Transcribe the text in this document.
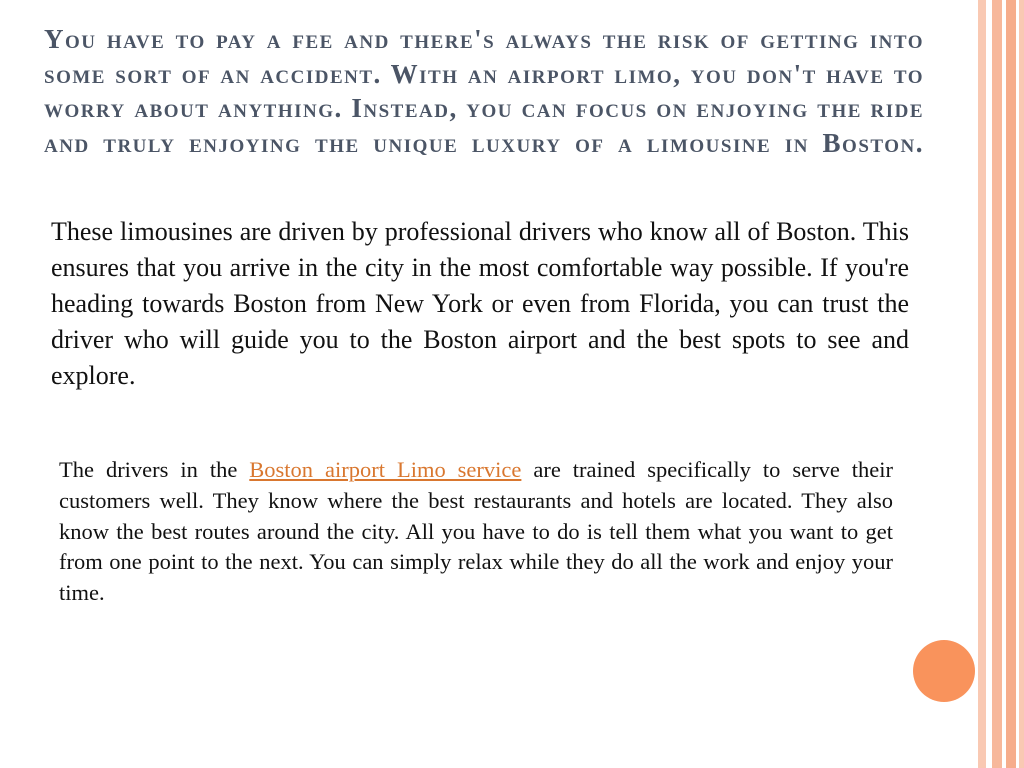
You have to pay a fee and there's always the risk of getting into some sort of an accident. With an airport limo, you don't have to worry about anything. Instead, you can focus on enjoying the ride and truly enjoying the unique luxury of a limousine in Boston.

These limousines are driven by professional drivers who know all of Boston. This ensures that you arrive in the city in the most comfortable way possible. If you're heading towards Boston from New York or even from Florida, you can trust the driver who will guide you to the Boston airport and the best spots to see and explore.

The drivers in the Boston airport Limo service are trained specifically to serve their customers well. They know where the best restaurants and hotels are located. They also know the best routes around the city. All you have to do is tell them what you want to get from one point to the next. You can simply relax while they do all the work and enjoy your time.
